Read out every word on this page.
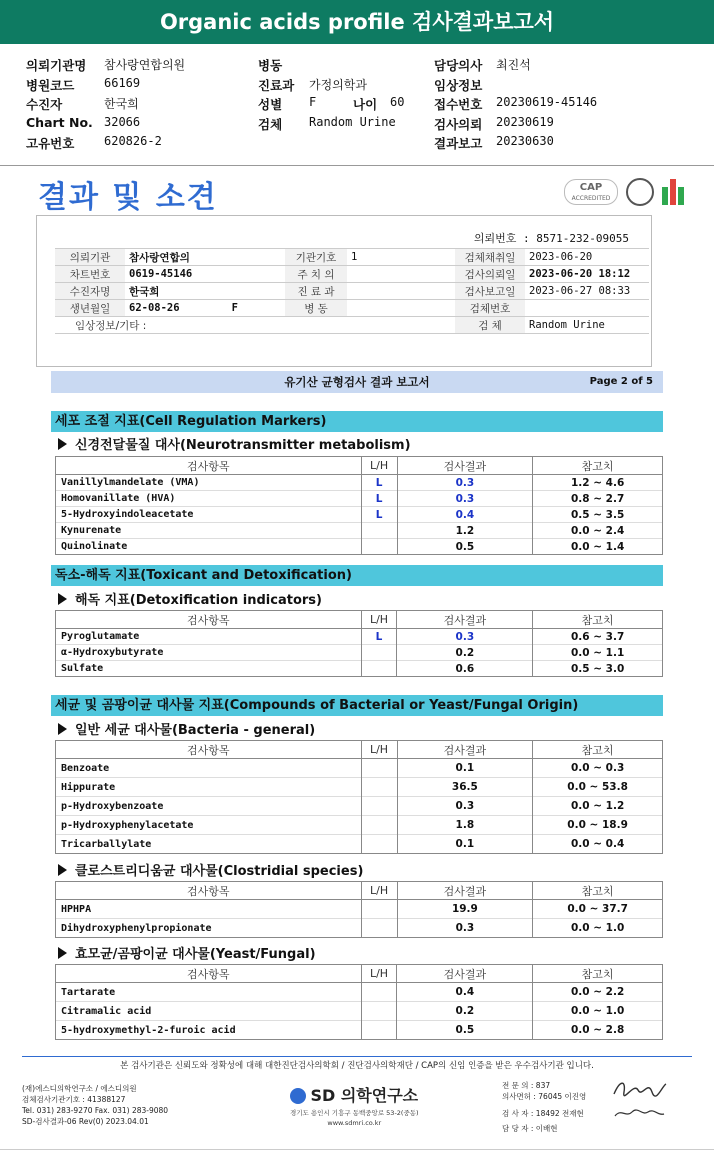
Organic acids profile 검사결과보고서
의뢰기관명 참사랑연합의원
병원코드 66169
수진자	한국희
Chart No. 32066
고유번호 620826-2
병동
진료과 가정의학과
성별 F	나이 60
검체 Random Urine
담당의사 최진석
임상정보
접수번호 20230619-45146
검사의뢰 20230619
결과보고 20230630
결과 및 소견	CAP
ACCREDITED
의뢰번호 : 8571-232-09055
의뢰기관	참사랑연합의	기관기호	1	검체채취일	2023-06-20
차트번호	0619-45146	주 치 의		검사의뢰일	2023-06-20 18:12
수진자명	한국희	진 료 과		검사보고일	2023-06-27 08:33
생년월일	62-08-26 F	병 동		검체번호	
임상정보/기타 :				검 체	Random Urine
유기산 균형검사 결과 보고서	Page 2 of 5
세포 조절 지표(Cell Regulation Markers)
신경전달물질 대사(Neurotransmitter metabolism)
검사항목	L/H	검사결과	참고치
Vanillylmandelate (VMA)	L	0.3	1.2 ~ 4.6
Homovanillate (HVA)	L	0.3	0.8 ~ 2.7
5-Hydroxyindoleacetate	L	0.4	0.5 ~ 3.5
Kynurenate		1.2	0.0 ~ 2.4
Quinolinate		0.5	0.0 ~ 1.4
독소-해독 지표(Toxicant and Detoxification)
해독 지표(Detoxification indicators)
검사항목	L/H	검사결과	참고치
Pyroglutamate	L	0.3	0.6 ~ 3.7
α-Hydroxybutyrate		0.2	0.0 ~ 1.1
Sulfate		0.6	0.5 ~ 3.0
세균 및 곰팡이균 대사물 지표(Compounds of Bacterial or Yeast/Fungal Origin)
일반 세균 대사물(Bacteria - general)
검사항목	L/H	검사결과	참고치
Benzoate		0.1	0.0 ~ 0.3
Hippurate		36.5	0.0 ~ 53.8
p-Hydroxybenzoate		0.3	0.0 ~ 1.2
p-Hydroxyphenylacetate		1.8	0.0 ~ 18.9
Tricarballylate		0.1	0.0 ~ 0.4
클로스트리디움균 대사물(Clostridial species)
검사항목	L/H	검사결과	참고치
HPHPA		19.9	0.0 ~ 37.7
Dihydroxyphenylpropionate		0.3	0.0 ~ 1.0
효모균/곰팡이균 대사물(Yeast/Fungal)
검사항목	L/H	검사결과	참고치
Tartarate		0.4	0.0 ~ 2.2
Citramalic acid		0.2	0.0 ~ 1.0
5-hydroxymethyl-2-furoic acid		0.5	0.0 ~ 2.8
본 검사기관은 신뢰도와 정확성에 대해 대한진단검사의학회 / 진단검사의학재단 / CAP의 신임 인증을 받은 우수검사기관 입니다.
(재)에스디의학연구소 / 에스디의원
검체검사기관기호 : 41388127
Tel. 031) 283-9270 Fax. 031) 283-9080
SD-검사결과-06 Rev(0) 2023.04.01
SD 의학연구소
경기도 용인시 기흥구 동백중앙로 53-2(중동)
www.sdmri.co.kr
전 문 의 : 837
의사면허 : 76045 이진영
검 사 자 : 18492 전재현
담 당 자 : 이배현
